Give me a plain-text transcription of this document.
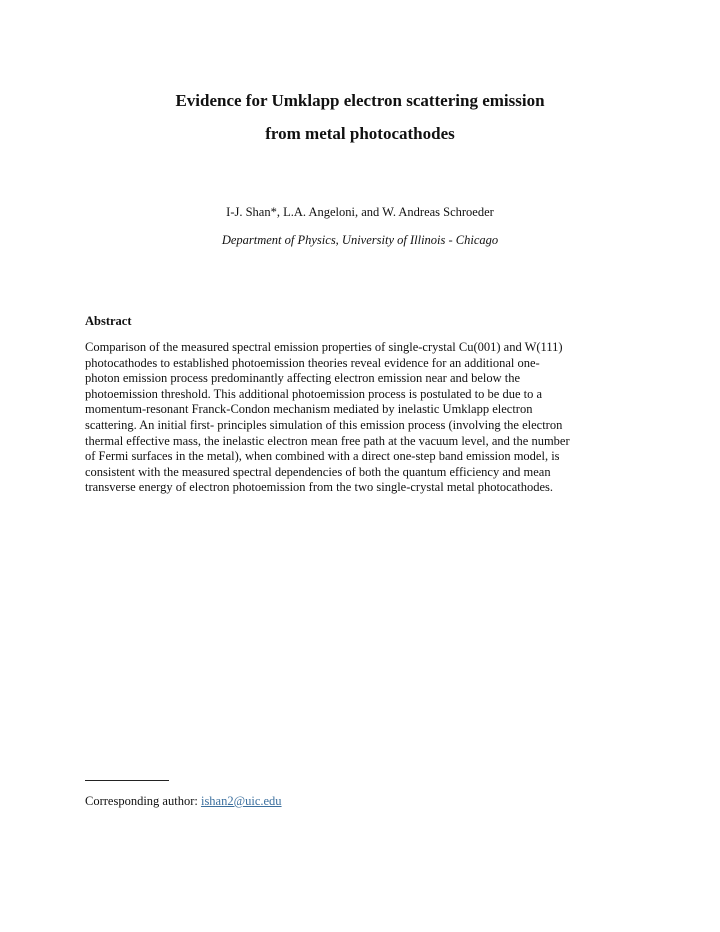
Evidence for Umklapp electron scattering emission

from metal photocathodes

I-J. Shan*, L.A. Angeloni, and W. Andreas Schroeder
Department of Physics, University of Illinois - Chicago
Abstract
Comparison of the measured spectral emission properties of single-crystal Cu(001) and W(111)
photocathodes to established photoemission theories reveal evidence for an additional one-
photon emission process predominantly affecting electron emission near and below the
photoemission threshold. This additional photoemission process is postulated to be due to a
momentum-resonant Franck-Condon mechanism mediated by inelastic Umklapp electron
scattering. An initial first- principles simulation of this emission process (involving the electron
thermal effective mass, the inelastic electron mean free path at the vacuum level, and the number
of Fermi surfaces in the metal), when combined with a direct one-step band emission model, is
consistent with the measured spectral dependencies of both the quantum efficiency and mean
transverse energy of electron photoemission from the two single-crystal metal photocathodes.
Corresponding author: ishan2@uic.edu
